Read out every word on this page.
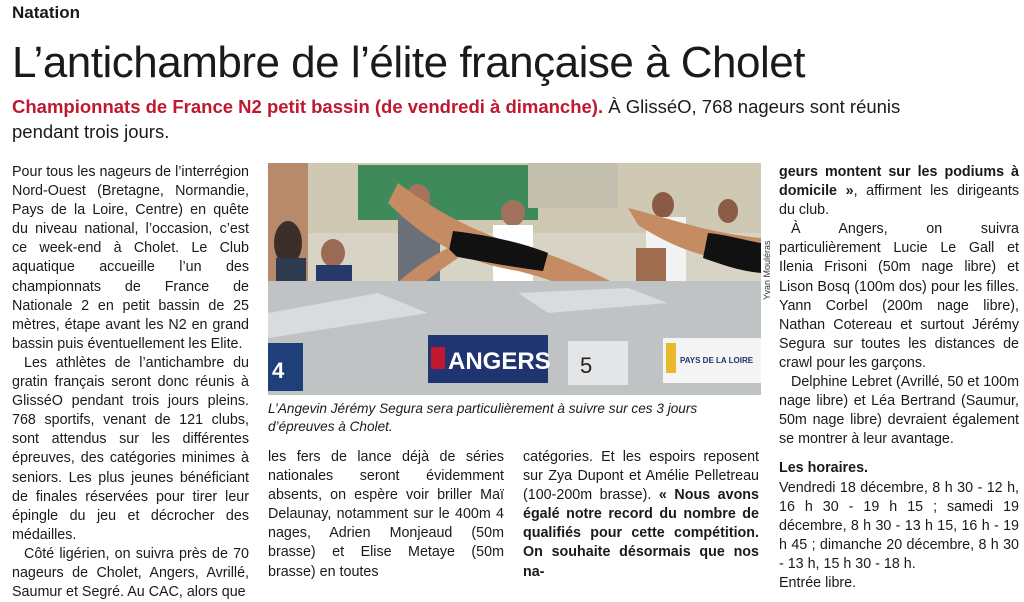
Natation
L’antichambre de l’élite française à Cholet
Championnats de France N2 petit bassin (de vendredi à dimanche). À GlisséO, 768 nageurs sont réunis pendant trois jours.

Pour tous les nageurs de l’interrégion Nord-Ouest (Bretagne, Normandie, Pays de la Loire, Centre) en quête du niveau national, l’occasion, c’est ce week-end à Cholet. Le Club aquatique accueille l’un des championnats de France de Nationale 2 en petit bassin de 25 mètres, étape avant les N2 en grand bassin puis éventuellement les Elite.

Les athlètes de l’antichambre du gratin français seront donc réunis à GlisséO pendant trois jours pleins. 768 sportifs, venant de 121 clubs, sont attendus sur les différentes épreuves, des catégories minimes à seniors. Les plus jeunes bénéficiant de finales réservées pour tirer leur épingle du jeu et décrocher des médailles.

Côté ligérien, on suivra près de 70 nageurs de Cholet, Angers, Avrillé, Saumur et Segré. Au CAC, alors que

4	ANGERS 5	PAYS DE LA LOIRE
Yvan Mouléras
L’Angevin Jérémy Segura sera particulièrement à suivre sur ces 3 jours d’épreuves à Cholet.

les fers de lance déjà de séries nationales seront évidemment absents, on espère voir briller Maï Delaunay, notamment sur le 400m 4 nages, Adrien Monjeaud (50m brasse) et Elise Metaye (50m brasse) en toutes

catégories. Et les espoirs reposent sur Zya Dupont et Amélie Pelletreau (100-200m brasse). « Nous avons égalé notre record du nombre de qualifiés pour cette compétition. On souhaite désormais que nos na-

geurs montent sur les podiums à domicile », affirment les dirigeants du club.

À Angers, on suivra particulièrement Lucie Le Gall et Ilenia Frisoni (50m nage libre) et Lison Bosq (100m dos) pour les filles. Yann Corbel (200m nage libre), Nathan Cotereau et surtout Jérémy Segura sur toutes les distances de crawl pour les garçons.

Delphine Lebret (Avrillé, 50 et 100m nage libre) et Léa Bertrand (Saumur, 50m nage libre) devraient également se montrer à leur avantage.

Les horaires.

Vendredi 18 décembre, 8 h 30 - 12 h, 16 h 30 - 19 h 15 ; samedi 19 décembre, 8 h 30 - 13 h 15, 16 h - 19 h 45 ; dimanche 20 décembre, 8 h 30 - 13 h, 15 h 30 - 18 h.

Entrée libre.
